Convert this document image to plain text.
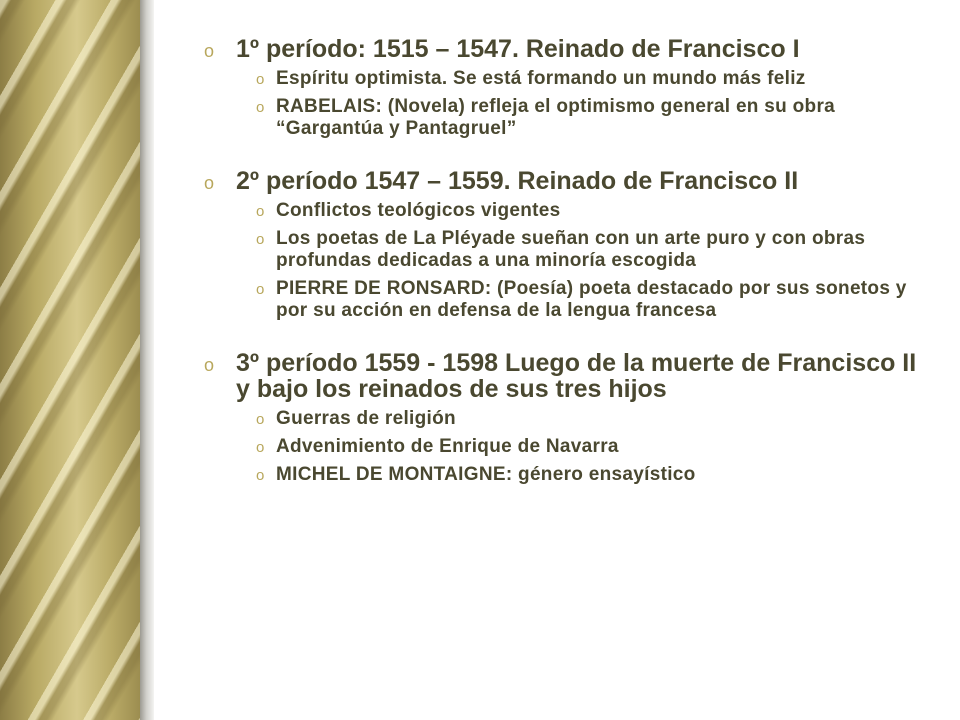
o 1º período: 1515 – 1547. Reinado de Francisco I
o Espíritu optimista. Se está formando un mundo más feliz
o RABELAIS: (Novela) refleja el optimismo general en su obra “Gargantúa y Pantagruel”
o 2º período 1547 – 1559. Reinado de Francisco II
o Conflictos teológicos vigentes
o Los poetas de La Pléyade sueñan con un arte puro y con obras profundas dedicadas a una minoría escogida
o PIERRE DE RONSARD: (Poesía) poeta destacado por sus sonetos y por su acción en defensa de la lengua francesa
o 3º período 1559 - 1598 Luego de la muerte de Francisco II y bajo los reinados de sus tres hijos
o Guerras de religión
o Advenimiento de Enrique de Navarra
o MICHEL DE MONTAIGNE: género ensayístico
